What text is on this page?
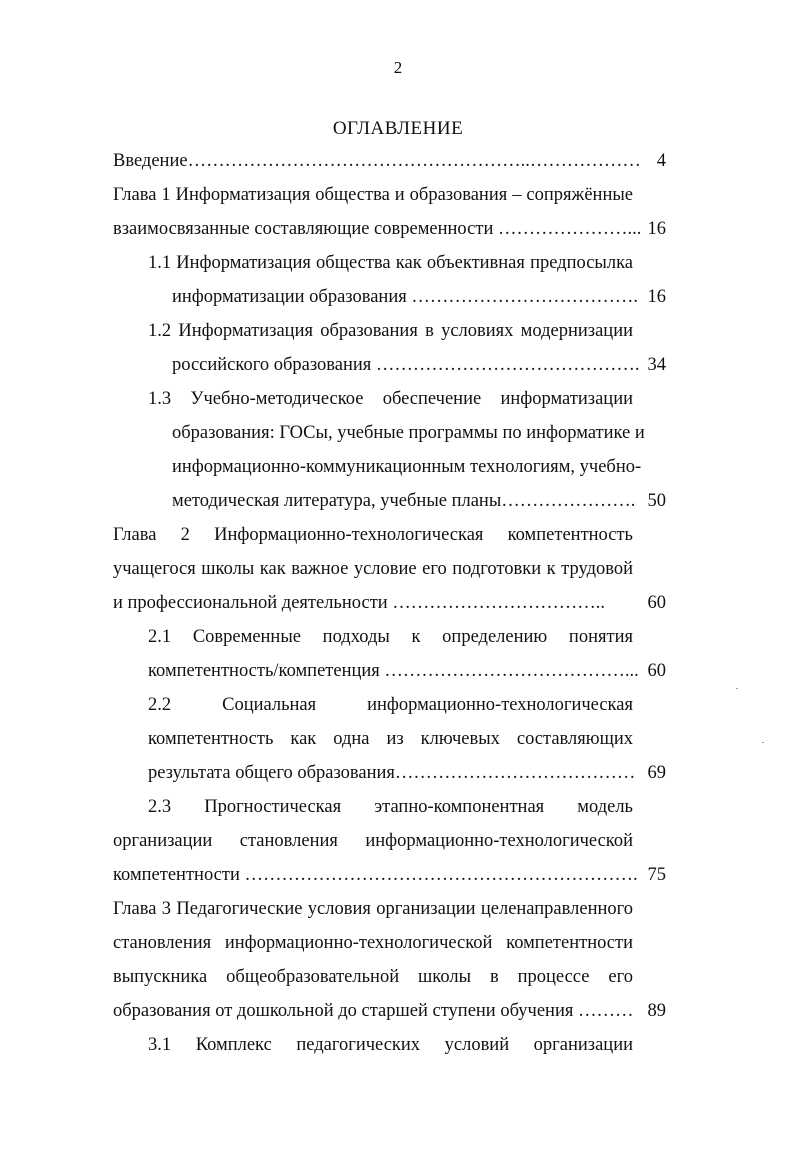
2
ОГЛАВЛЕНИЕ
Введение………………………………………………..……………… 4
Глава 1 Информатизация общества и образования – сопряжённые
взаимосвязанные составляющие современности …………………... 16
1.1 Информатизация общества как объективная предпосылка
информатизации образования ………………………………. 16
1.2 Информатизация образования в условиях модернизации
российского образования ……………………………………. 34
1.3 Учебно-методическое обеспечение информатизации
образования: ГОСы, учебные программы по информатике и
информационно-коммуникационным технологиям, учебно-
методическая литература, учебные планы…………………. 50
Глава 2 Информационно-технологическая компетентность
учащегося школы как важное условие его подготовки к трудовой
и профессиональной деятельности ……………………………..	60
2.1 Современные подходы к определению понятия
компетентность/компетенция …………………………………... 60
2.2 Социальная информационно-технологическая
компетентность как одна из ключевых составляющих
результата общего образования………………………………… 69
2.3 Прогностическая этапно-компонентная модель
организации становления информационно-технологической
компетентности ………………………………………………………. 75
Глава 3 Педагогические условия организации целенаправленного
становления информационно-технологической компетентности
выпускника общеобразовательной школы в процессе его
образования от дошкольной до старшей ступени обучения ……… 89
3.1 Комплекс педагогических условий организации
